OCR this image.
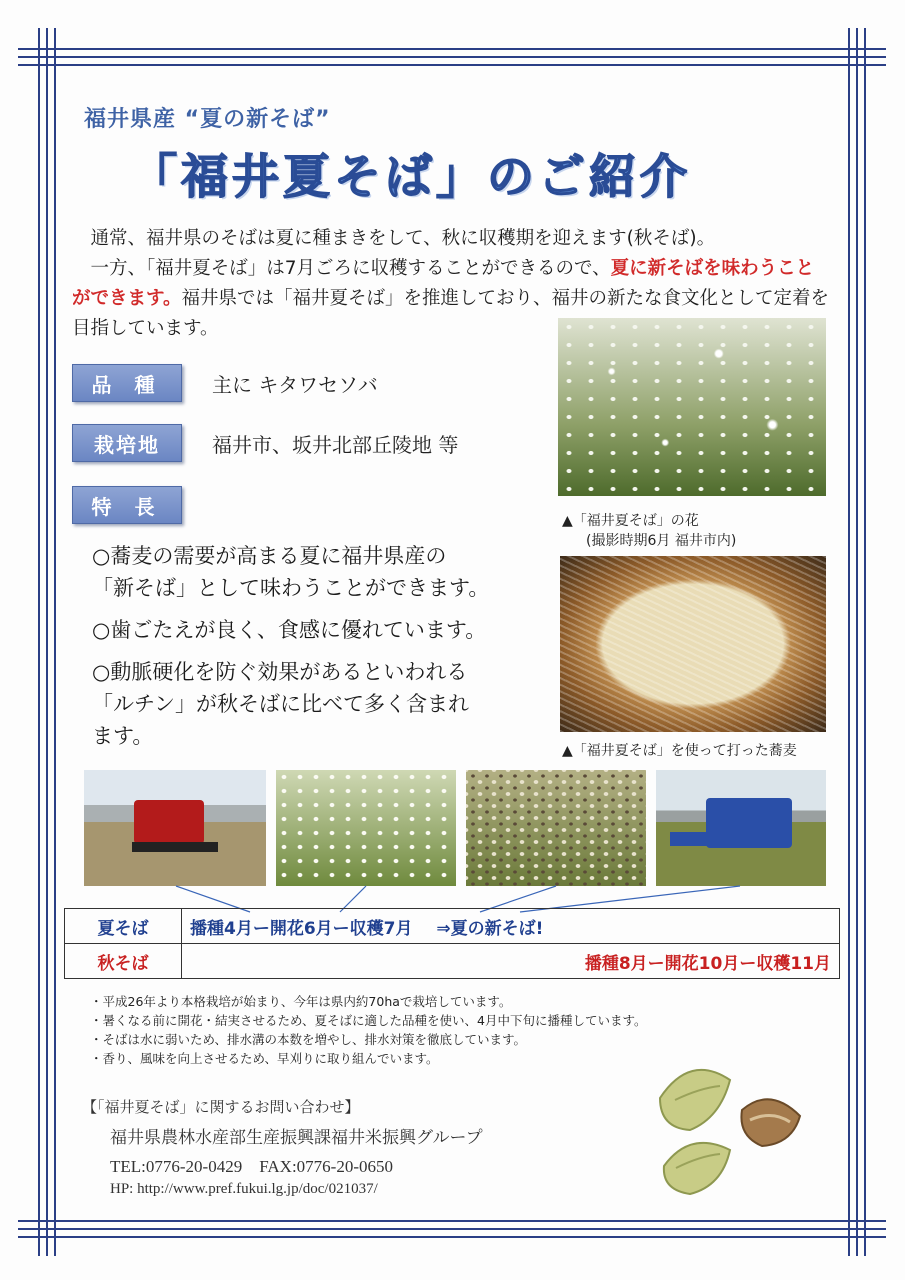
福井県産 “夏の新そば”
「福井夏そば」のご紹介

通常、福井県のそばは夏に種まきをして、秋に収穫期を迎えます(秋そば)。

一方、「福井夏そば」は7月ごろに収穫することができるので、夏に新そばを味わうことができます。福井県では「福井夏そば」を推進しており、福井の新たな食文化として定着を目指しています。

品 種	主に キタワセソバ
栽培地	福井市、坂井北部丘陵地 等
特 長
○蕎麦の需要が高まる夏に福井県産の
「新そば」として味わうことができます。
○歯ごたえが良く、食感に優れています。
○動脈硬化を防ぐ効果があるといわれる
「ルチン」が秋そばに比べて多く含まれ
ます。
▲「福井夏そば」の花
(撮影時期6月 福井市内)
▲「福井夏そば」を使って打った蕎麦
夏そば	播種4月ー開花6月ー収穫7月 ⇒夏の新そば!
秋そば	播種8月ー開花10月ー収穫11月
・平成26年より本格栽培が始まり、今年は県内約70haで栽培しています。
・暑くなる前に開花・結実させるため、夏そばに適した品種を使い、4月中下旬に播種しています。
・そばは水に弱いため、排水溝の本数を増やし、排水対策を徹底しています。
・香り、風味を向上させるため、早刈りに取り組んでいます。
【「福井夏そば」に関するお問い合わせ】
福井県農林水産部生産振興課福井米振興グループ
TEL:0776-20-0429　FAX:0776-20-0650
HP: http://www.pref.fukui.lg.jp/doc/021037/
